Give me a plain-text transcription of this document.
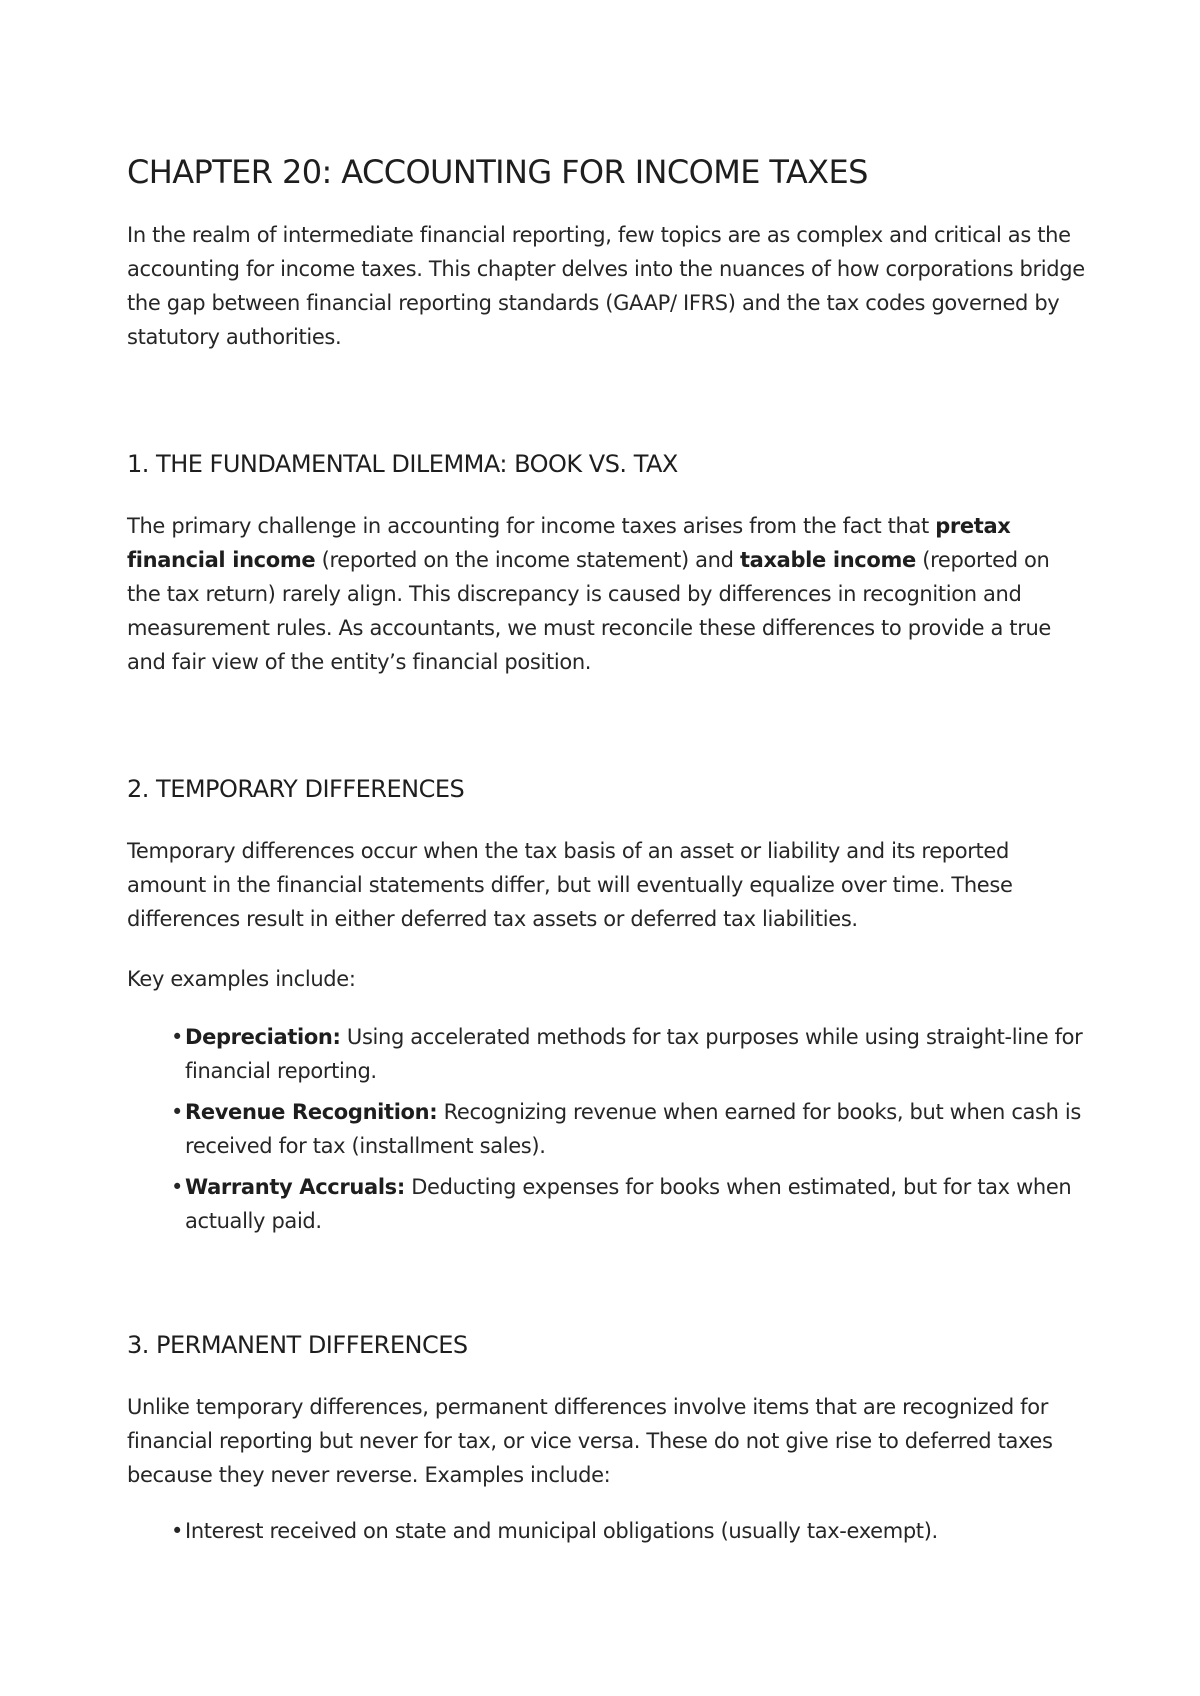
CHAPTER 20: ACCOUNTING FOR INCOME TAXES

In the realm of intermediate financial reporting, few topics are as complex and critical as the accounting for income taxes. This chapter delves into the nuances of how corporations bridge the gap between financial reporting standards (GAAP/ IFRS) and the tax codes governed by statutory authorities.

1. THE FUNDAMENTAL DILEMMA: BOOK VS. TAX

The primary challenge in accounting for income taxes arises from the fact that pretax financial income (reported on the income statement) and taxable income (reported on the tax return) rarely align. This discrepancy is caused by differences in recognition and measurement rules. As accountants, we must reconcile these differences to provide a true and fair view of the entity’s financial position.

2. TEMPORARY DIFFERENCES

Temporary differences occur when the tax basis of an asset or liability and its reported amount in the financial statements differ, but will eventually equalize over time. These differences result in either deferred tax assets or deferred tax liabilities.

Key examples include:

• Depreciation: Using accelerated methods for tax purposes while using straight-line for financial reporting.
• Revenue Recognition: Recognizing revenue when earned for books, but when cash is received for tax (installment sales).
• Warranty Accruals: Deducting expenses for books when estimated, but for tax when actually paid.
3. PERMANENT DIFFERENCES

Unlike temporary differences, permanent differences involve items that are recognized for financial reporting but never for tax, or vice versa. These do not give rise to deferred taxes because they never reverse. Examples include:

• Interest received on state and municipal obligations (usually tax-exempt).
